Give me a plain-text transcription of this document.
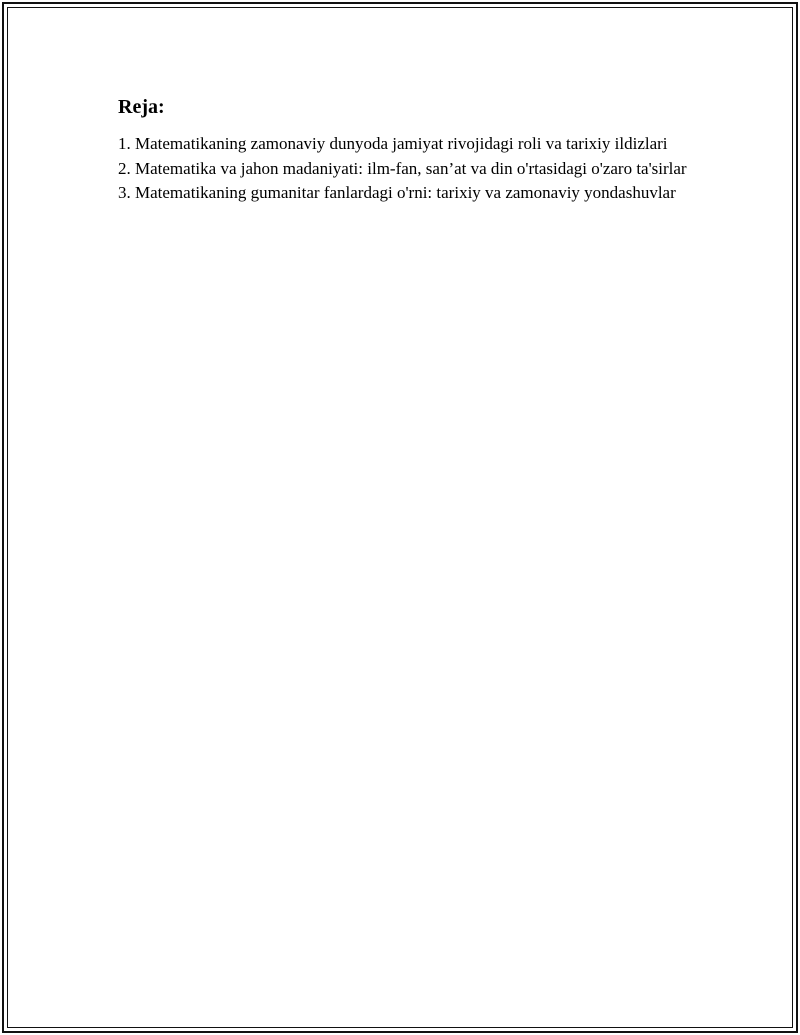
Reja:
1. Matematikaning zamonaviy dunyoda jamiyat rivojidagi roli va tarixiy ildizlari
2. Matematika va jahon madaniyati: ilm-fan, san’at va din o'rtasidagi o'zaro ta'sirlar
3. Matematikaning gumanitar fanlardagi o'rni: tarixiy va zamonaviy yondashuvlar
